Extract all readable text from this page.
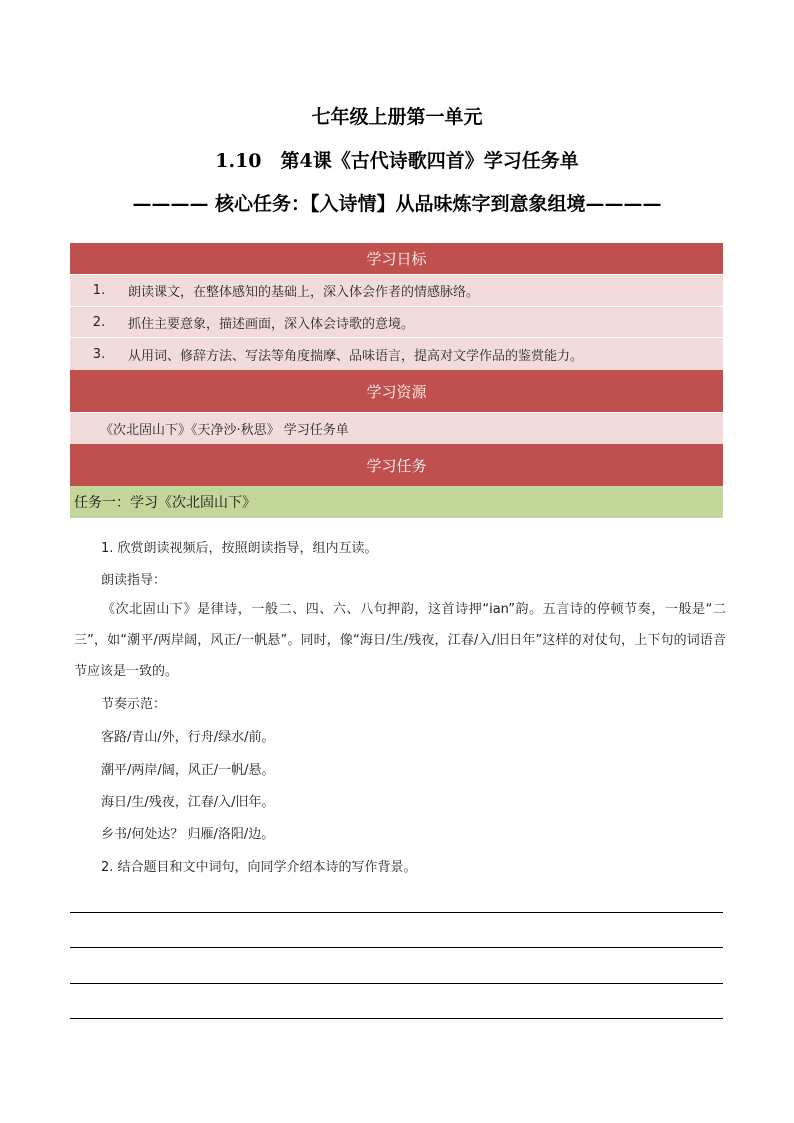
七年级上册第一单元
1.10　第4课《古代诗歌四首》学习任务单
———— 核心任务：【入诗情】从品味炼字到意象组境————
学习日标
1.	朗读课文，在整体感知的基础上，深入体会作者的情感脉络。
2.	抓住主要意象，描述画面，深入体会诗歌的意境。
3.	从用词、修辞方法、写法等角度揣摩、品味语言，提高对文学作品的鉴赏能力。
学习资源
《次北固山下》《天净沙·秋思》 学习任务单
学习任务
任务一：学习《次北固山下》
1. 欣赏朗读视频后，按照朗读指导，组内互读。
朗读指导：
《次北固山下》是律诗，一般二、四、六、八句押韵，这首诗押“ian”韵。五言诗的停顿节奏，一般是“二三”，如“潮平/两岸阔，风正/一帆悬”。同时，像“海日/生/残夜，江春/入/旧日年”这样的对仗句，上下句的词语音节应该是一致的。
节奏示范：
客路/青山/外，行舟/绿水/前。
潮平/两岸/阔，风正/一帆/悬。
海日/生/残夜，江春/入/旧年。
乡书/何处达？ 归雁/洛阳/边。
2. 结合题目和文中词句，向同学介绍本诗的写作背景。
